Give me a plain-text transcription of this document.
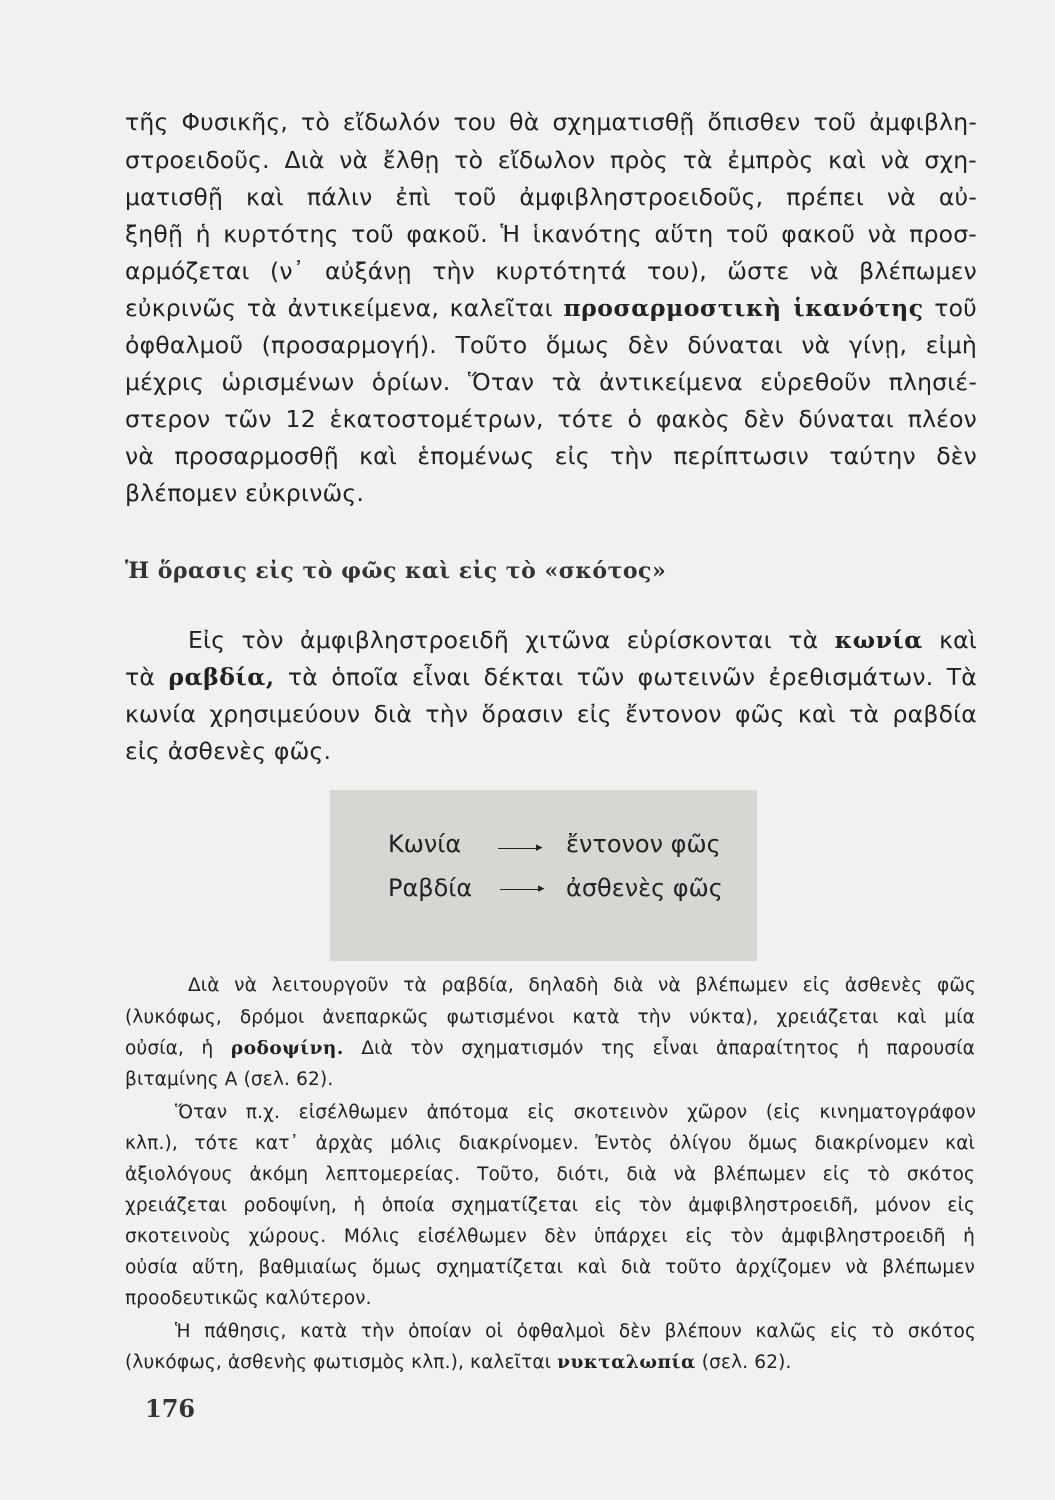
τῆς Φυσικῆς, τὸ εἴδωλόν του θὰ σχηματισθῇ ὄπισθεν τοῦ ἀμφιβλη-
στροειδοῦς. Διὰ νὰ ἔλθῃ τὸ εἴδωλον πρὸς τὰ ἐμπρὸς καὶ νὰ σχη-
ματισθῇ καὶ πάλιν ἐπὶ τοῦ ἀμφιβληστροειδοῦς, πρέπει νὰ αὐ-
ξηθῇ ἡ κυρτότης τοῦ φακοῦ. Ἡ ἱκανότης αὕτη τοῦ φακοῦ νὰ προσ-
αρμόζεται (ν᾽ αὐξάνῃ τὴν κυρτότητά του), ὥστε νὰ βλέπωμεν
εὐκρινῶς τὰ ἀντικείμενα, καλεῖται προσαρμοστικὴ ἱκανότης τοῦ
ὀφθαλμοῦ (προσαρμογή). Τοῦτο ὅμως δὲν δύναται νὰ γίνῃ, εἰμὴ
μέχρις ὡρισμένων ὁρίων. Ὅταν τὰ ἀντικείμενα εὑρεθοῦν πλησιέ-
στερον τῶν 12 ἑκατοστομέτρων, τότε ὁ φακὸς δὲν δύναται πλέον
νὰ προσαρμοσθῇ καὶ ἑπομένως εἰς τὴν περίπτωσιν ταύτην δὲν
βλέπομεν εὐκρινῶς.
Ἡ ὅρασις εἰς τὸ φῶς καὶ εἰς τὸ «σκότος»
Εἰς τὸν ἀμφιβληστροειδῆ χιτῶνα εὑρίσκονται τὰ κωνία καὶ
τὰ ραβδία, τὰ ὁποῖα εἶναι δέκται τῶν φωτεινῶν ἐρεθισμάτων. Τὰ
κωνία χρησιμεύουν διὰ τὴν ὅρασιν εἰς ἔντονον φῶς καὶ τὰ ραβδία
εἰς ἀσθενὲς φῶς.
Κωνία	▸ ἔντονον φῶς
Ραβδία	▸ ἀσθενὲς φῶς
Διὰ νὰ λειτουργοῦν τὰ ραβδία, δηλαδὴ διὰ νὰ βλέπωμεν εἰς ἀσθενὲς φῶς
(λυκόφως, δρόμοι ἀνεπαρκῶς φωτισμένοι κατὰ τὴν νύκτα), χρειάζεται καὶ μία
οὐσία, ἡ ροδοψίνη. Διὰ τὸν σχηματισμόν της εἶναι ἀπαραίτητος ἡ παρουσία
βιταμίνης Α (σελ. 62).
Ὅταν π.χ. εἰσέλθωμεν ἀπότομα εἰς σκοτεινὸν χῶρον (εἰς κινηματογράφον
κλπ.), τότε κατ᾽ ἀρχὰς μόλις διακρίνομεν. Ἐντὸς ὀλίγου ὅμως διακρίνομεν καὶ
ἀξιολόγους ἀκόμη λεπτομερείας. Τοῦτο, διότι, διὰ νὰ βλέπωμεν εἰς τὸ σκότος
χρειάζεται ροδοψίνη, ἡ ὁποία σχηματίζεται εἰς τὸν ἀμφιβληστροειδῆ, μόνον εἰς
σκοτεινοὺς χώρους. Μόλις εἰσέλθωμεν δὲν ὑπάρχει εἰς τὸν ἀμφιβληστροειδῆ ἡ
οὐσία αὕτη, βαθμιαίως ὅμως σχηματίζεται καὶ διὰ τοῦτο ἀρχίζομεν νὰ βλέπωμεν
προοδευτικῶς καλύτερον.
Ἡ πάθησις, κατὰ τὴν ὁποίαν οἱ ὀφθαλμοὶ δὲν βλέπουν καλῶς εἰς τὸ σκότος
(λυκόφως, ἀσθενὴς φωτισμὸς κλπ.), καλεῖται νυκταλωπία (σελ. 62).
176
